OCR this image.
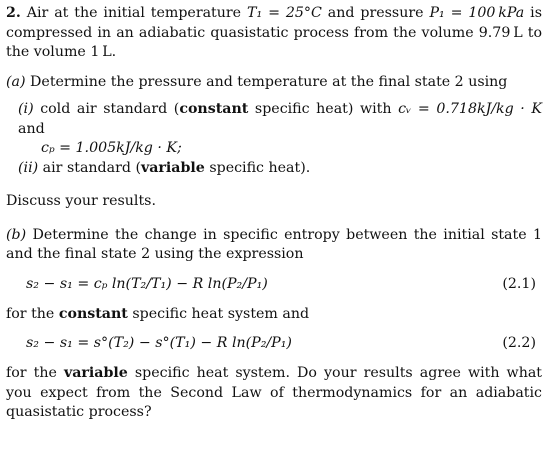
2. Air at the initial temperature T₁ = 25°C and pressure P₁ = 100 kPa is compressed in an adiabatic quasistatic process from the volume 9.79 L to the volume 1 L.

(a) Determine the pressure and temperature at the final state 2 using

(i) cold air standard (constant specific heat) with cᵥ = 0.718kJ/kg · K and
cₚ = 1.005kJ/kg · K;

(ii) air standard (variable specific heat).

Discuss your results.

(b) Determine the change in specific entropy between the initial state 1 and the final state 2 using the expression

s₂ − s₁ = cₚ ln(T₂/T₁) − R ln(P₂/P₁)	(2.1)

for the constant specific heat system and

s₂ − s₁ = s°(T₂) − s°(T₁) − R ln(P₂/P₁)	(2.2)

for the variable specific heat system. Do your results agree with what you expect from the Second Law of thermodynamics for an adiabatic quasistatic process?
